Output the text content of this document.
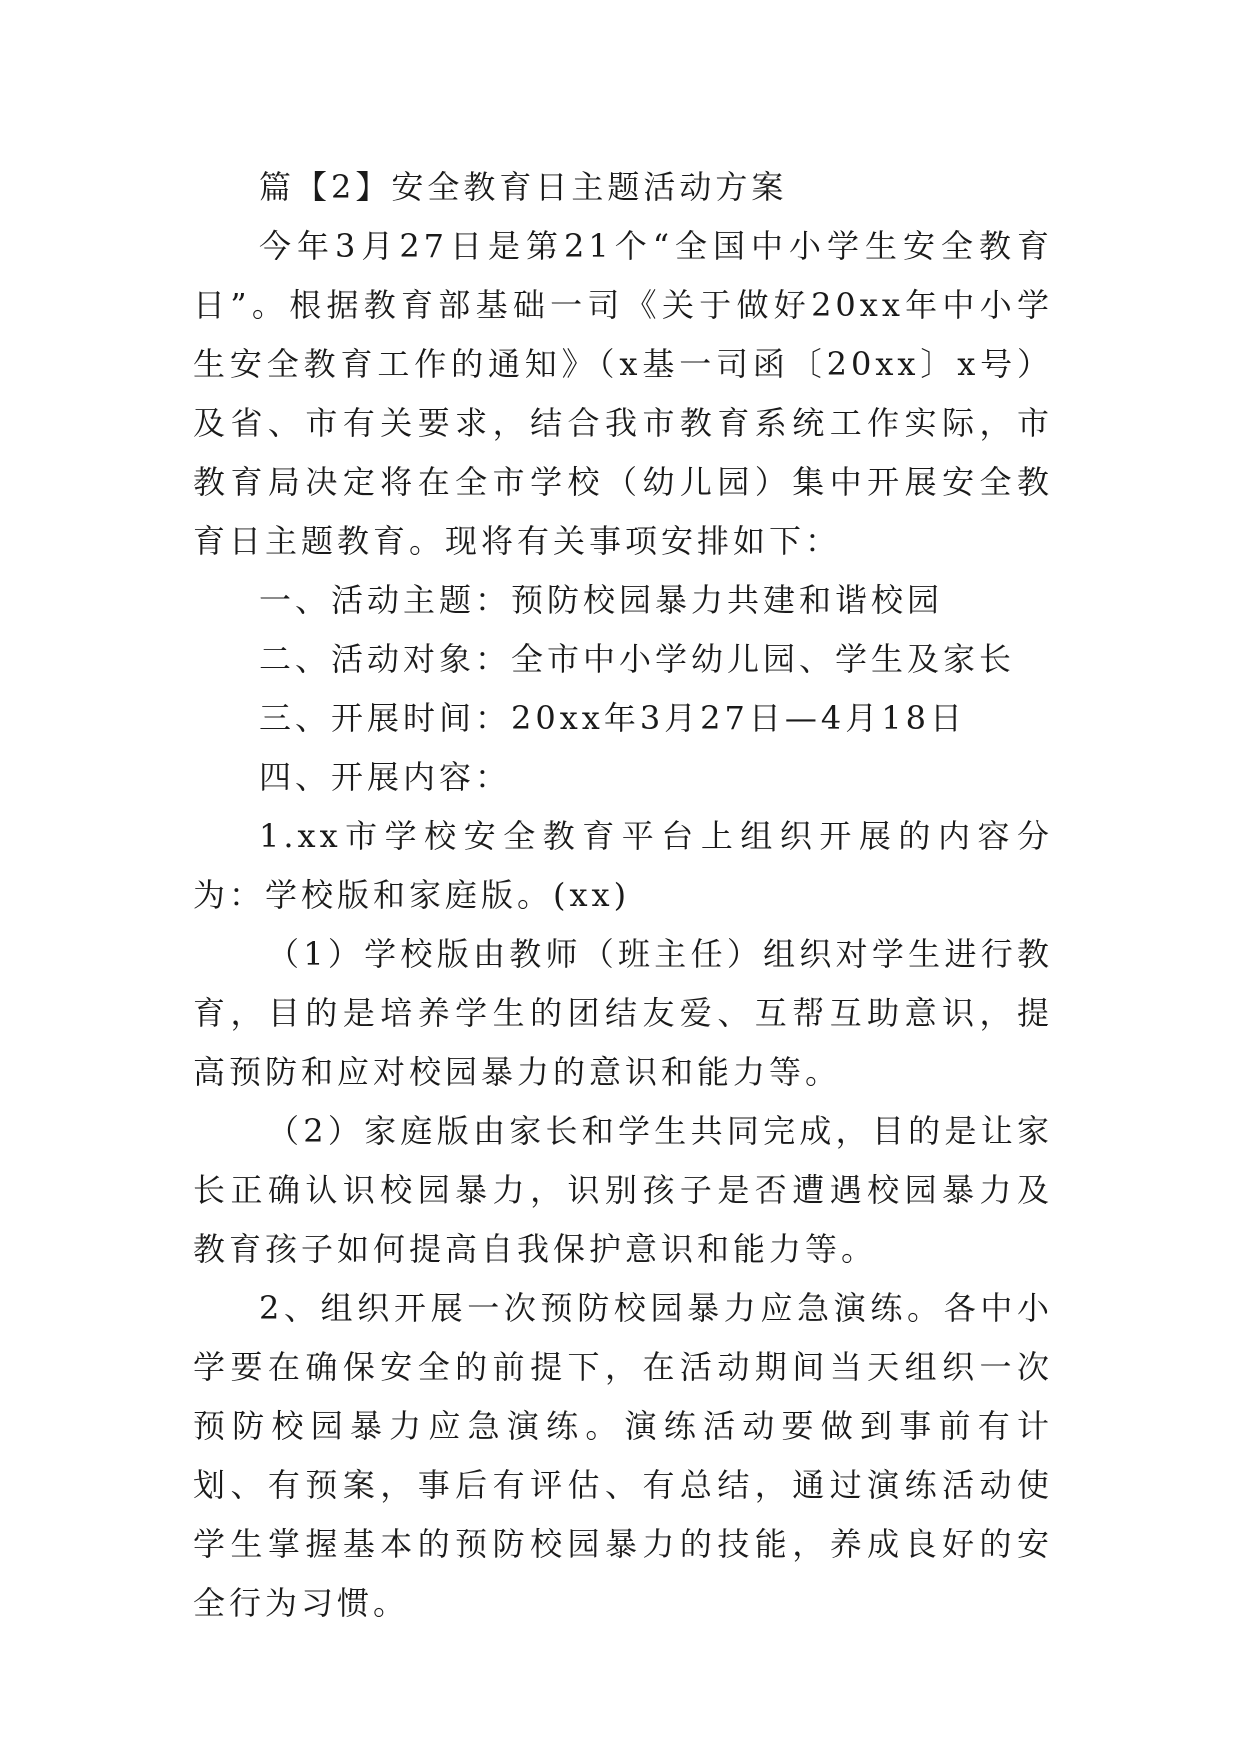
篇【2】安全教育日主题活动方案

今年3月27日是第21个“全国中小学生安全教育日”。根据教育部基础一司《关于做好20xx年中小学生安全教育工作的通知》（x基一司函〔20xx〕x号）及省、市有关要求，结合我市教育系统工作实际，市教育局决定将在全市学校（幼儿园）集中开展安全教育日主题教育。现将有关事项安排如下：

一、活动主题：预防校园暴力共建和谐校园

二、活动对象：全市中小学幼儿园、学生及家长

三、开展时间：20xx年3月27日—4月18日

四、开展内容：

1.xx市学校安全教育平台上组织开展的内容分为：学校版和家庭版。(xx)

（1）学校版由教师（班主任）组织对学生进行教育，目的是培养学生的团结友爱、互帮互助意识，提高预防和应对校园暴力的意识和能力等。

（2）家庭版由家长和学生共同完成，目的是让家长正确认识校园暴力，识别孩子是否遭遇校园暴力及教育孩子如何提高自我保护意识和能力等。

2、组织开展一次预防校园暴力应急演练。各中小学要在确保安全的前提下，在活动期间当天组织一次预防校园暴力应急演练。演练活动要做到事前有计划、有预案，事后有评估、有总结，通过演练活动使学生掌握基本的预防校园暴力的技能，养成良好的安全行为习惯。
